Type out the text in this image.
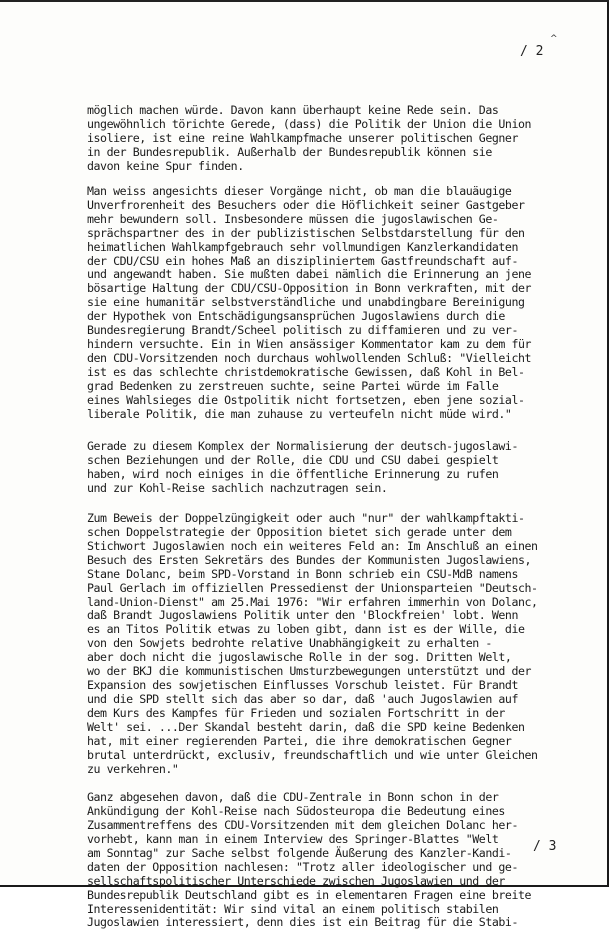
^
/ 2
möglich machen würde. Davon kann überhaupt keine Rede sein. Das
ungewöhnlich törichte Gerede, (dass) die Politik der Union die Union
isoliere, ist eine reine Wahlkampfmache unserer politischen Gegner
in der Bundesrepublik. Außerhalb der Bundesrepublik können sie
davon keine Spur finden.
Man weiss angesichts dieser Vorgänge nicht, ob man die blauäugige
Unverfrorenheit des Besuchers oder die Höflichkeit seiner Gastgeber
mehr bewundern soll. Insbesondere müssen die jugoslawischen Ge-
sprächspartner des in der publizistischen Selbstdarstellung für den
heimatlichen Wahlkampfgebrauch sehr vollmundigen Kanzlerkandidaten
der CDU/CSU ein hohes Maß an diszipliniertem Gastfreundschaft auf-
und angewandt haben. Sie mußten dabei nämlich die Erinnerung an jene
bösartige Haltung der CDU/CSU-Opposition in Bonn verkraften, mit der
sie eine humanitär selbstverständliche und unabdingbare Bereinigung
der Hypothek von Entschädigungsansprüchen Jugoslawiens durch die
Bundesregierung Brandt/Scheel politisch zu diffamieren und zu ver-
hindern versuchte. Ein in Wien ansässiger Kommentator kam zu dem für
den CDU-Vorsitzenden noch durchaus wohlwollenden Schluß: "Vielleicht
ist es das schlechte christdemokratische Gewissen, daß Kohl in Bel-
grad Bedenken zu zerstreuen suchte, seine Partei würde im Falle
eines Wahlsieges die Ostpolitik nicht fortsetzen, eben jene sozial-
liberale Politik, die man zuhause zu verteufeln nicht müde wird."
Gerade zu diesem Komplex der Normalisierung der deutsch-jugoslawi-
schen Beziehungen und der Rolle, die CDU und CSU dabei gespielt
haben, wird noch einiges in die öffentliche Erinnerung zu rufen
und zur Kohl-Reise sachlich nachzutragen sein.
Zum Beweis der Doppelzüngigkeit oder auch "nur" der wahlkampftakti-
schen Doppelstrategie der Opposition bietet sich gerade unter dem
Stichwort Jugoslawien noch ein weiteres Feld an: Im Anschluß an einen
Besuch des Ersten Sekretärs des Bundes der Kommunisten Jugoslawiens,
Stane Dolanc, beim SPD-Vorstand in Bonn schrieb ein CSU-MdB namens
Paul Gerlach im offiziellen Pressedienst der Unionsparteien "Deutsch-
land-Union-Dienst" am 25.Mai 1976: "Wir erfahren immerhin von Dolanc,
daß Brandt Jugoslawiens Politik unter den 'Blockfreien' lobt. Wenn
es an Titos Politik etwas zu loben gibt, dann ist es der Wille, die
von den Sowjets bedrohte relative Unabhängigkeit zu erhalten -
aber doch nicht die jugoslawische Rolle in der sog. Dritten Welt,
wo der BKJ die kommunistischen Umsturzbewegungen unterstützt und der
Expansion des sowjetischen Einflusses Vorschub leistet. Für Brandt
und die SPD stellt sich das aber so dar, daß 'auch Jugoslawien auf
dem Kurs des Kampfes für Frieden und sozialen Fortschritt in der
Welt' sei. ...Der Skandal besteht darin, daß die SPD keine Bedenken
hat, mit einer regierenden Partei, die ihre demokratischen Gegner
brutal unterdrückt, exclusiv, freundschaftlich und wie unter Gleichen
zu verkehren."
Ganz abgesehen davon, daß die CDU-Zentrale in Bonn schon in der
Ankündigung der Kohl-Reise nach Südosteuropa die Bedeutung eines
Zusammentreffens des CDU-Vorsitzenden mit dem gleichen Dolanc her-
vorhebt, kann man in einem Interview des Springer-Blattes "Welt
am Sonntag" zur Sache selbst folgende Äußerung des Kanzler-Kandi-
daten der Opposition nachlesen: "Trotz aller ideologischer und ge-
sellschaftspolitischer Unterschiede zwischen Jugoslawien und der
Bundesrepublik Deutschland gibt es in elementaren Fragen eine breite
Interessenidentität: Wir sind vital an einem politisch stabilen
Jugoslawien interessiert, denn dies ist ein Beitrag für die Stabi-
/ 3
